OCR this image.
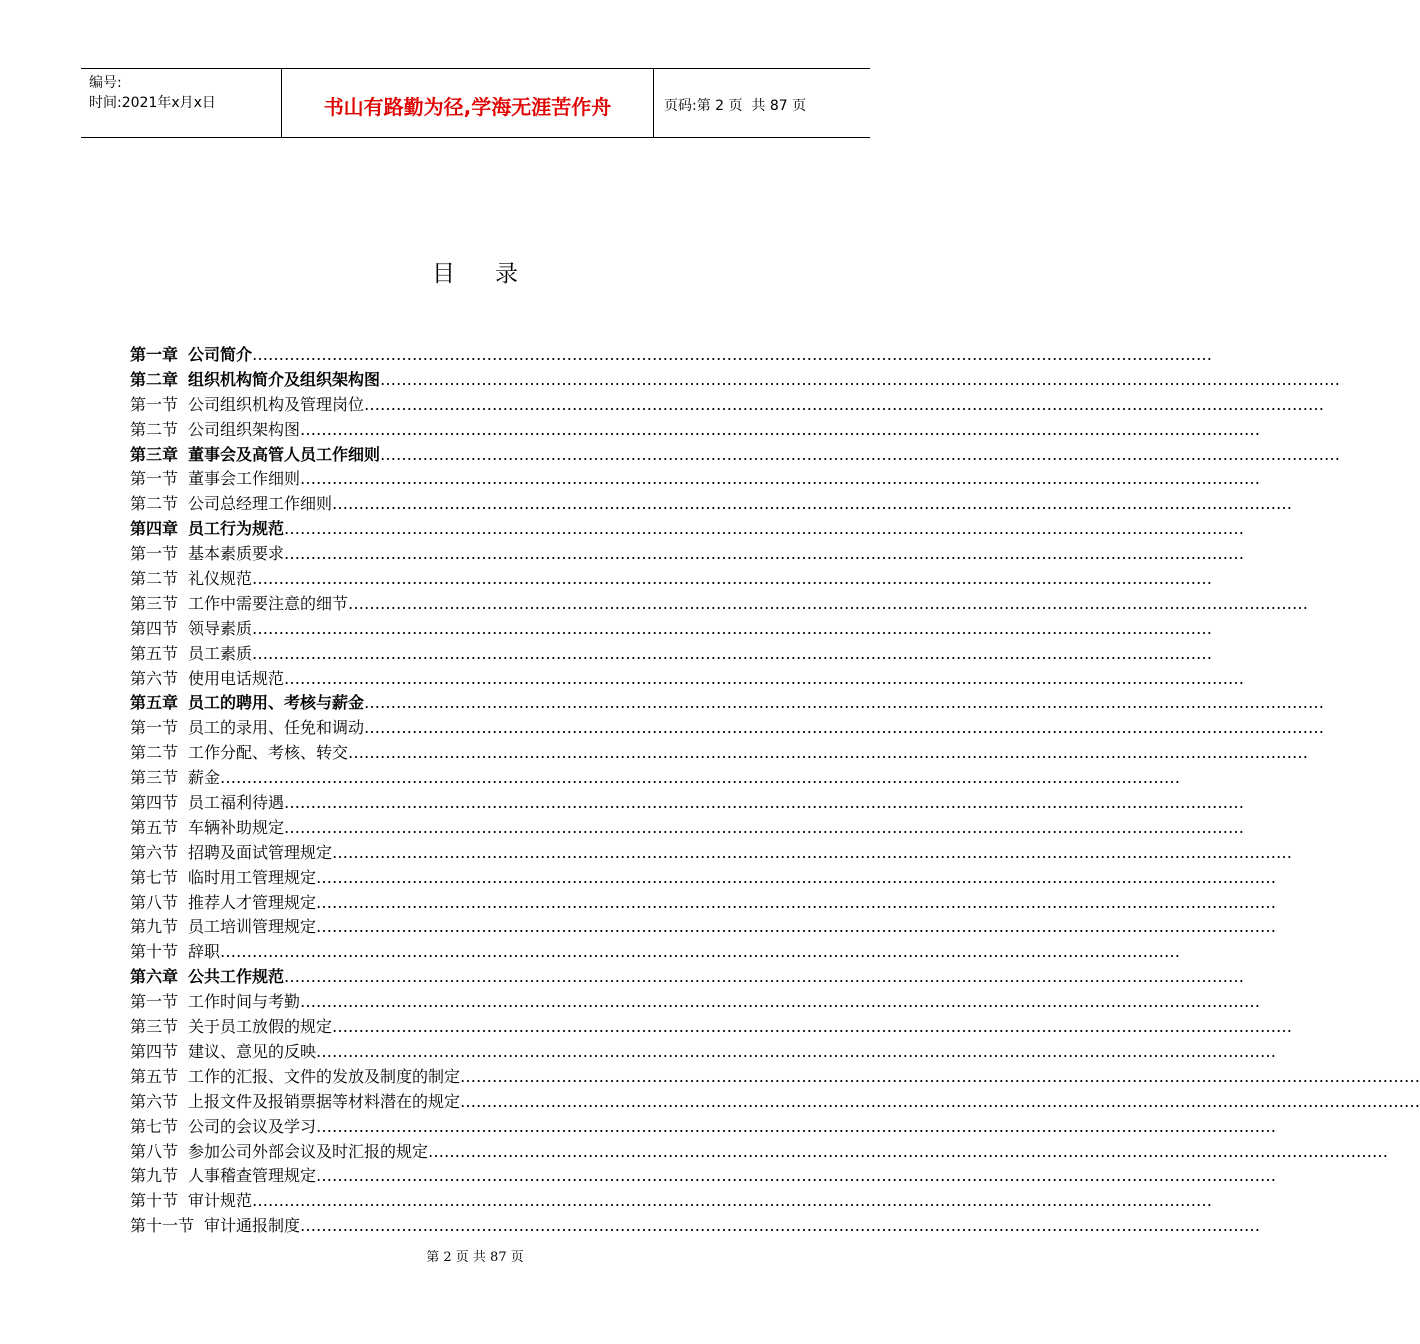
编号:
时间:2021年x月x日	书山有路勤为径,学海无涯苦作舟	页码:第 2 页  共 87 页
目录
第一章 公司简介………………………………………………………………………………………………………………………………………………………………
第二章 组织机构简介及组织架构图………………………………………………………………………………………………………………………………………………………………
第一节 公司组织机构及管理岗位………………………………………………………………………………………………………………………………………………………………
第二节 公司组织架构图………………………………………………………………………………………………………………………………………………………………
第三章 董事会及高管人员工作细则………………………………………………………………………………………………………………………………………………………………
第一节 董事会工作细则………………………………………………………………………………………………………………………………………………………………
第二节 公司总经理工作细则………………………………………………………………………………………………………………………………………………………………
第四章 员工行为规范………………………………………………………………………………………………………………………………………………………………
第一节 基本素质要求………………………………………………………………………………………………………………………………………………………………
第二节 礼仪规范………………………………………………………………………………………………………………………………………………………………
第三节 工作中需要注意的细节………………………………………………………………………………………………………………………………………………………………
第四节 领导素质………………………………………………………………………………………………………………………………………………………………
第五节 员工素质………………………………………………………………………………………………………………………………………………………………
第六节 使用电话规范………………………………………………………………………………………………………………………………………………………………
第五章 员工的聘用、考核与薪金………………………………………………………………………………………………………………………………………………………………
第一节 员工的录用、任免和调动………………………………………………………………………………………………………………………………………………………………
第二节 工作分配、考核、转交………………………………………………………………………………………………………………………………………………………………
第三节 薪金………………………………………………………………………………………………………………………………………………………………
第四节 员工福利待遇………………………………………………………………………………………………………………………………………………………………
第五节 车辆补助规定………………………………………………………………………………………………………………………………………………………………
第六节 招聘及面试管理规定………………………………………………………………………………………………………………………………………………………………
第七节 临时用工管理规定………………………………………………………………………………………………………………………………………………………………
第八节 推荐人才管理规定………………………………………………………………………………………………………………………………………………………………
第九节 员工培训管理规定………………………………………………………………………………………………………………………………………………………………
第十节 辞职………………………………………………………………………………………………………………………………………………………………
第六章 公共工作规范………………………………………………………………………………………………………………………………………………………………
第一节 工作时间与考勤………………………………………………………………………………………………………………………………………………………………
第三节 关于员工放假的规定………………………………………………………………………………………………………………………………………………………………
第四节 建议、意见的反映………………………………………………………………………………………………………………………………………………………………
第五节 工作的汇报、文件的发放及制度的制定………………………………………………………………………………………………………………………………………………………………
第六节 上报文件及报销票据等材料潜在的规定………………………………………………………………………………………………………………………………………………………………
第七节 公司的会议及学习………………………………………………………………………………………………………………………………………………………………
第八节 参加公司外部会议及时汇报的规定………………………………………………………………………………………………………………………………………………………………
第九节 人事稽查管理规定………………………………………………………………………………………………………………………………………………………………
第十节 审计规范………………………………………………………………………………………………………………………………………………………………
第十一节 审计通报制度………………………………………………………………………………………………………………………………………………………………
第 2 页 共 87 页
